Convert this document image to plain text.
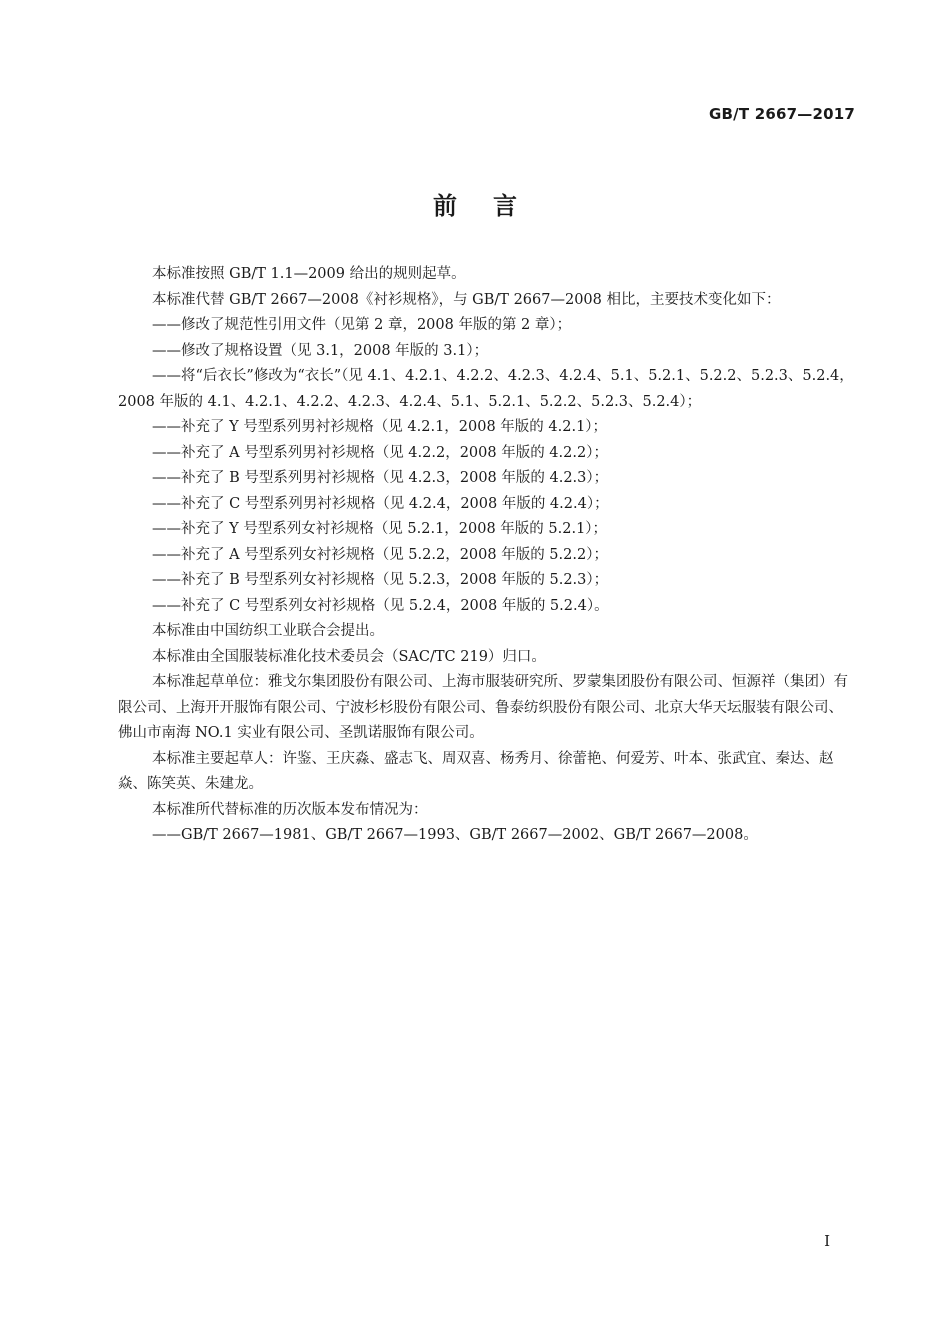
GB/T 2667—2017
前言

本标准按照 GB/T 1.1—2009 给出的规则起草。

本标准代替 GB/T 2667—2008《衬衫规格》，与 GB/T 2667—2008 相比，主要技术变化如下：

——修改了规范性引用文件（见第 2 章，2008 年版的第 2 章）；

——修改了规格设置（见 3.1，2008 年版的 3.1）；

——将“后衣长”修改为“衣长”（见 4.1、4.2.1、4.2.2、4.2.3、4.2.4、5.1、5.2.1、5.2.2、5.2.3、5.2.4，2008 年版的 4.1、4.2.1、4.2.2、4.2.3、4.2.4、5.1、5.2.1、5.2.2、5.2.3、5.2.4）；

——补充了 Y 号型系列男衬衫规格（见 4.2.1，2008 年版的 4.2.1）；

——补充了 A 号型系列男衬衫规格（见 4.2.2，2008 年版的 4.2.2）；

——补充了 B 号型系列男衬衫规格（见 4.2.3，2008 年版的 4.2.3）；

——补充了 C 号型系列男衬衫规格（见 4.2.4，2008 年版的 4.2.4）；

——补充了 Y 号型系列女衬衫规格（见 5.2.1，2008 年版的 5.2.1）；

——补充了 A 号型系列女衬衫规格（见 5.2.2，2008 年版的 5.2.2）；

——补充了 B 号型系列女衬衫规格（见 5.2.3，2008 年版的 5.2.3）；

——补充了 C 号型系列女衬衫规格（见 5.2.4，2008 年版的 5.2.4）。

本标准由中国纺织工业联合会提出。

本标准由全国服装标准化技术委员会（SAC/TC 219）归口。

本标准起草单位：雅戈尔集团股份有限公司、上海市服装研究所、罗蒙集团股份有限公司、恒源祥（集团）有限公司、上海开开服饰有限公司、宁波杉杉股份有限公司、鲁泰纺织股份有限公司、北京大华天坛服装有限公司、佛山市南海 NO.1 实业有限公司、圣凯诺服饰有限公司。

本标准主要起草人：许鉴、王庆淼、盛志飞、周双喜、杨秀月、徐蕾艳、何爱芳、叶本、张武宜、秦达、赵焱、陈笑英、朱建龙。

本标准所代替标准的历次版本发布情况为：

——GB/T 2667—1981、GB/T 2667—1993、GB/T 2667—2002、GB/T 2667—2008。

I
